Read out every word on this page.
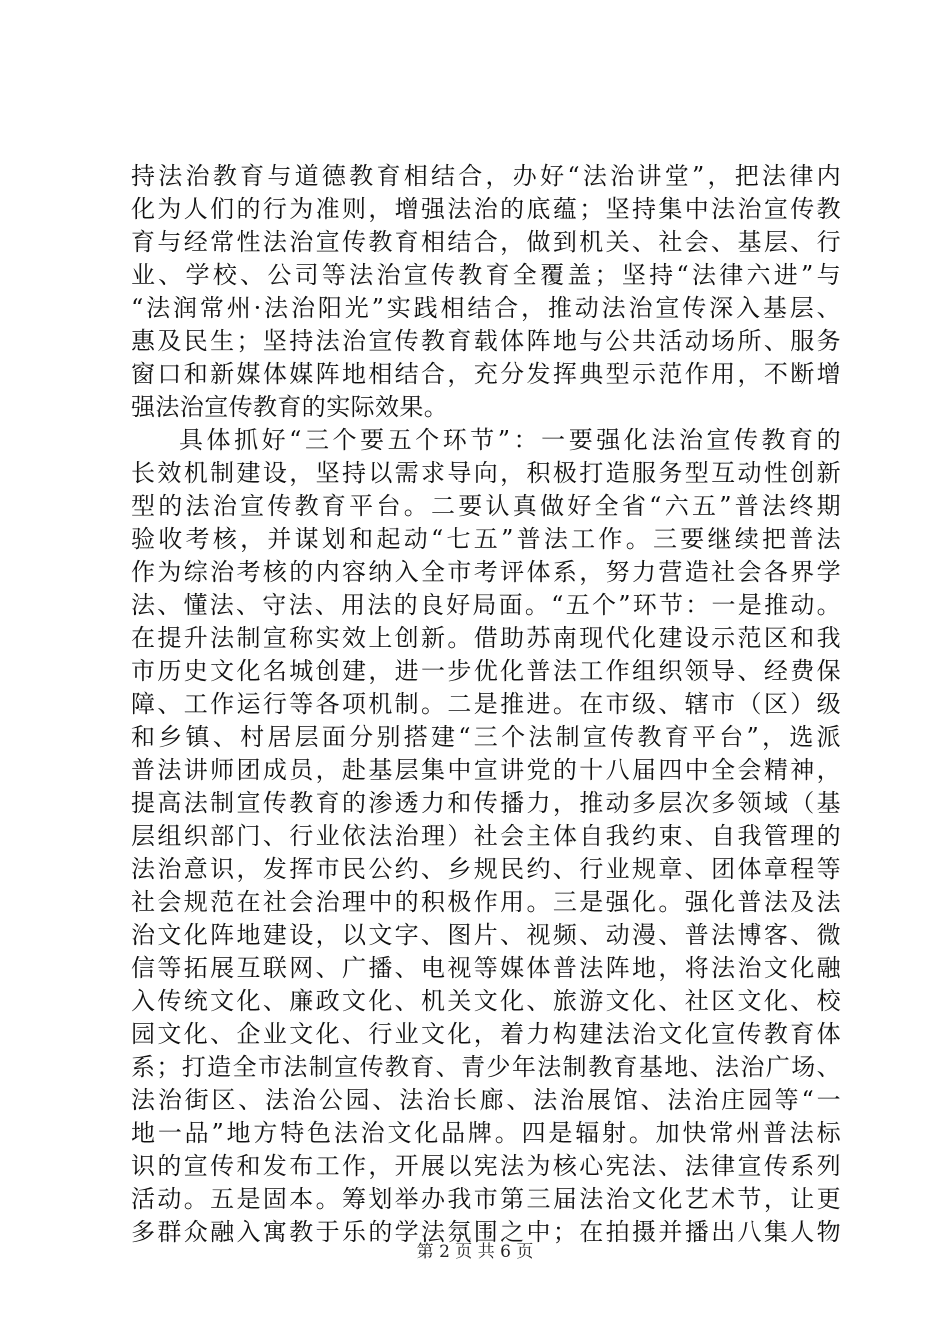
持法治教育与道德教育相结合，办好“法治讲堂”，把法律内
化为人们的行为准则，增强法治的底蕴；坚持集中法治宣传教
育与经常性法治宣传教育相结合，做到机关、社会、基层、行
业、学校、公司等法治宣传教育全覆盖；坚持“法律六进”与
“法润常州·法治阳光”实践相结合，推动法治宣传深入基层、
惠及民生；坚持法治宣传教育载体阵地与公共活动场所、服务
窗口和新媒体媒阵地相结合，充分发挥典型示范作用，不断增
强法治宣传教育的实际效果。
具体抓好“三个要五个环节”：一要强化法治宣传教育的
长效机制建设，坚持以需求导向，积极打造服务型互动性创新
型的法治宣传教育平台。二要认真做好全省“六五”普法终期
验收考核，并谋划和起动“七五”普法工作。三要继续把普法
作为综治考核的内容纳入全市考评体系，努力营造社会各界学
法、懂法、守法、用法的良好局面。“五个”环节：一是推动。
在提升法制宣称实效上创新。借助苏南现代化建设示范区和我
市历史文化名城创建，进一步优化普法工作组织领导、经费保
障、工作运行等各项机制。二是推进。在市级、辖市（区）级
和乡镇、村居层面分别搭建“三个法制宣传教育平台”，选派
普法讲师团成员，赴基层集中宣讲党的十八届四中全会精神，
提高法制宣传教育的渗透力和传播力，推动多层次多领域（基
层组织部门、行业依法治理）社会主体自我约束、自我管理的
法治意识，发挥市民公约、乡规民约、行业规章、团体章程等
社会规范在社会治理中的积极作用。三是强化。强化普法及法
治文化阵地建设，以文字、图片、视频、动漫、普法博客、微
信等拓展互联网、广播、电视等媒体普法阵地，将法治文化融
入传统文化、廉政文化、机关文化、旅游文化、社区文化、校
园文化、企业文化、行业文化，着力构建法治文化宣传教育体
系；打造全市法制宣传教育、青少年法制教育基地、法治广场、
法治街区、法治公园、法治长廊、法治展馆、法治庄园等“一
地一品”地方特色法治文化品牌。四是辐射。加快常州普法标
识的宣传和发布工作，开展以宪法为核心宪法、法律宣传系列
活动。五是固本。筹划举办我市第三届法治文化艺术节，让更
多群众融入寓教于乐的学法氛围之中；在拍摄并播出八集人物
第 2 页 共 6 页
